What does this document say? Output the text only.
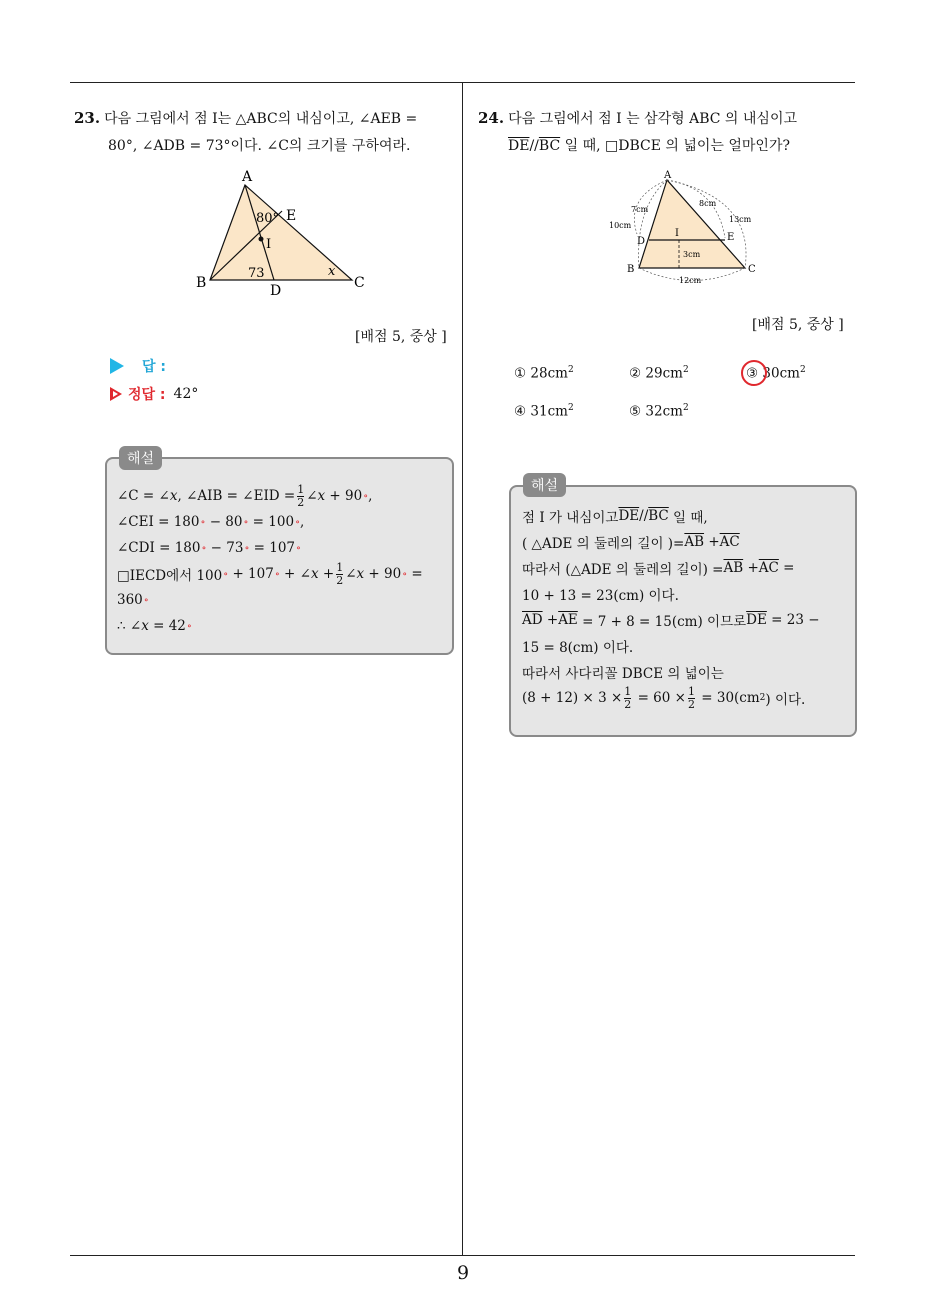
9
23. 다음 그림에서 점 I는 △ABC의 내심이고, ∠AEB =
80°, ∠ADB = 73°이다. ∠C의 크기를 구하여라.
A
B	C
D
E
I
80°
73	x
[배점 5, 중상 ]
답 :
정답 : 42°
해설
∠C = ∠ x , ∠AIB = ∠EID = $\frac{1}{2}$ ∠ x + 90 ∘ ,
∠CEI = 180 ∘ − 80 ∘ = 100 ∘ ,
∠CDI = 180 ∘ − 73 ∘ = 107 ∘
□IECD에서 100 ∘ + 107 ∘ + ∠ $x + \frac{1}{2}$ ∠ x + 90 ∘ =
360 ∘
∴ ∠ x = 42 ∘
24. 다음 그림에서 점 I 는 삼각형 ABC 의 내심이고
$\overline{DE}//\overline{BC}$ 일 때, □DBCE 의 넓이는 얼마인가?
A
B	C
D	E
I
7cm
8cm
10cm
13cm
3cm
12cm
[배점 5, 중상 ]
① $28cm^2$	② $29cm^2$	③ $30cm^2$
④ $31cm^2$	⑤ $32cm^2$
해설
점 I 가 내심이고 $\overline{DE} // \overline{BC}$ 일 때,
( △ADE 의 둘레의 길이 )= $\overline{AB} + \overline{AC}$
따라서 (△ADE 의 둘레의 길이) = $\overline{AB} + \overline{AC}$ =
10 + 13 = 23(cm) 이다.
$\overline{AD} + \overline{AE} = 7 + 8 = 15(cm)$ 이므로 $\overline{DE} = 23$ −
15 = 8(cm) 이다.
따라서 사다리꼴 DBCE 의 넓이는
$(8 + 12) \times 3 \times \frac{1}{2} = 60 \times \frac{1}{2} = 30(cm$ 2 ) 이다.
